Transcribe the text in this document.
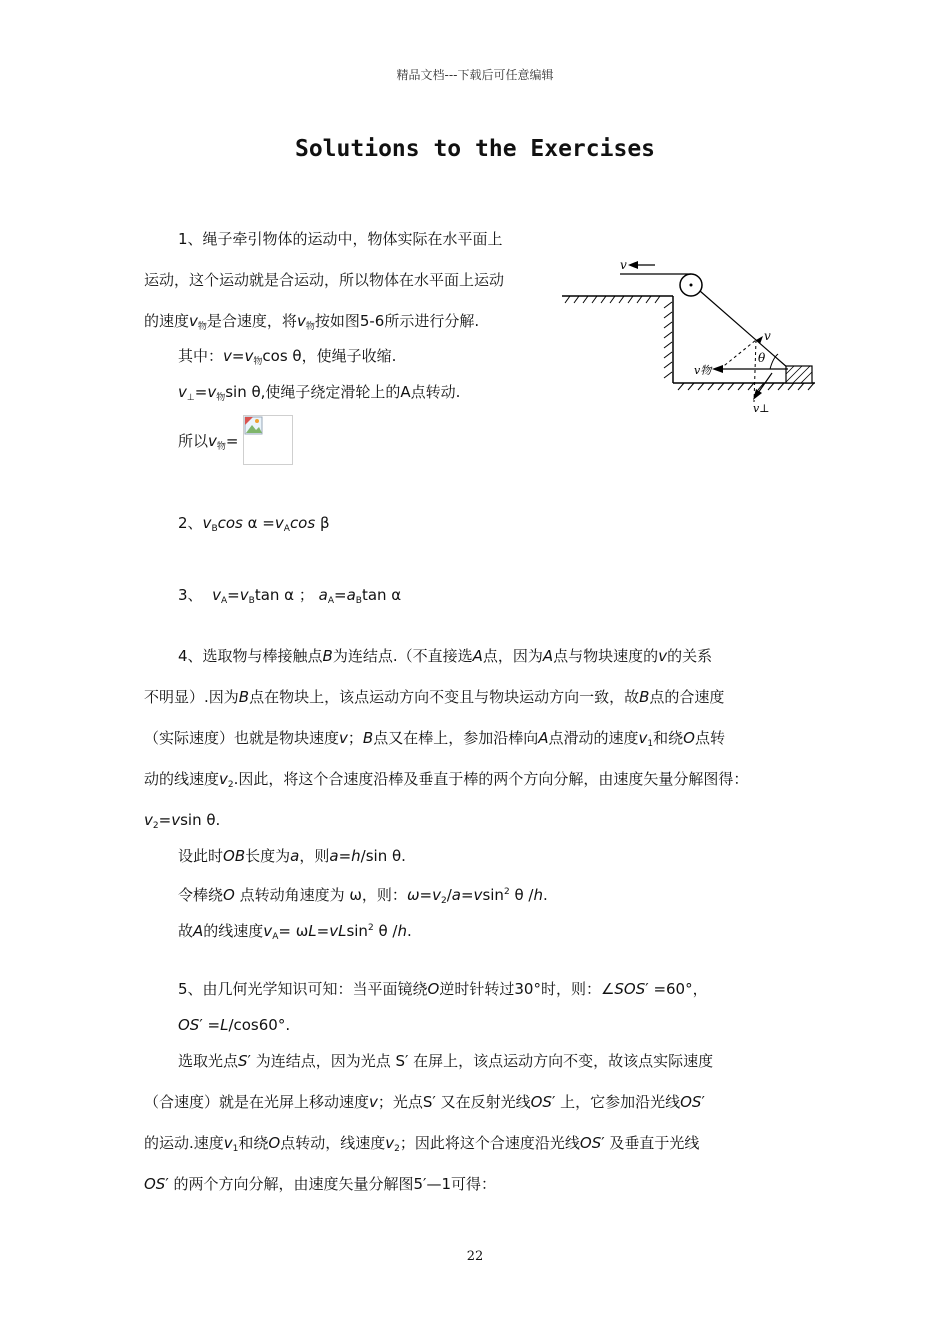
精品文档---下载后可任意编辑
Solutions to the Exercises
1、绳子牵引物体的运动中，物体实际在水平面上
运动，这个运动就是合运动，所以物体在水平面上运动
的速度$v_物$是合速度，将$v_物$按如图5-6所示进行分解.
其中：$v=v_物\cos$ θ，使绳子收缩.
$v_\perp=v_物\sin$ θ,使绳子绕定滑轮上的A点转动.
所以$v_物=$
v
v
v物
θ
v⊥
2、$v_B\cos$ $\alpha =v_A\cos$ β
3、 $v_A=v_B\tan$ α ； $a_A=a_B\tan$ α
4、选取物与棒接触点B为连结点.（不直接选A点，因为A点与物块速度的v的关系
不明显）.因为B点在物块上，该点运动方向不变且与物块运动方向一致，故B点的合速度
（实际速度）也就是物块速度v；B点又在棒上，参加沿棒向A点滑动的速度$v_1$和绕O点转
动的线速度$v_2$.因此，将这个合速度沿棒及垂直于棒的两个方向分解，由速度矢量分解图得：
$v_2=vsin$ θ.
设此时OB长度为a，则a=h/sin θ.
令棒绕O 点转动角速度为 ω，则：$\omega=v_2/a=vsin^2$ θ /h.
故A的线速度$v_A= \omega L=vLsin^2$ θ /h.
5、由几何光学知识可知：当平面镜绕O逆时针转过30°时，则：∠SOS′ =60°，
OS′ =L/cos60°.
选取光点S′ 为连结点，因为光点 S′ 在屏上，该点运动方向不变，故该点实际速度
（合速度）就是在光屏上移动速度v；光点S′ 又在反射光线OS′ 上，它参加沿光线OS′
的运动.速度$v_1$和绕O点转动，线速度$v_2$；因此将这个合速度沿光线OS′ 及垂直于光线
OS′ 的两个方向分解，由速度矢量分解图5′—1可得：
22
